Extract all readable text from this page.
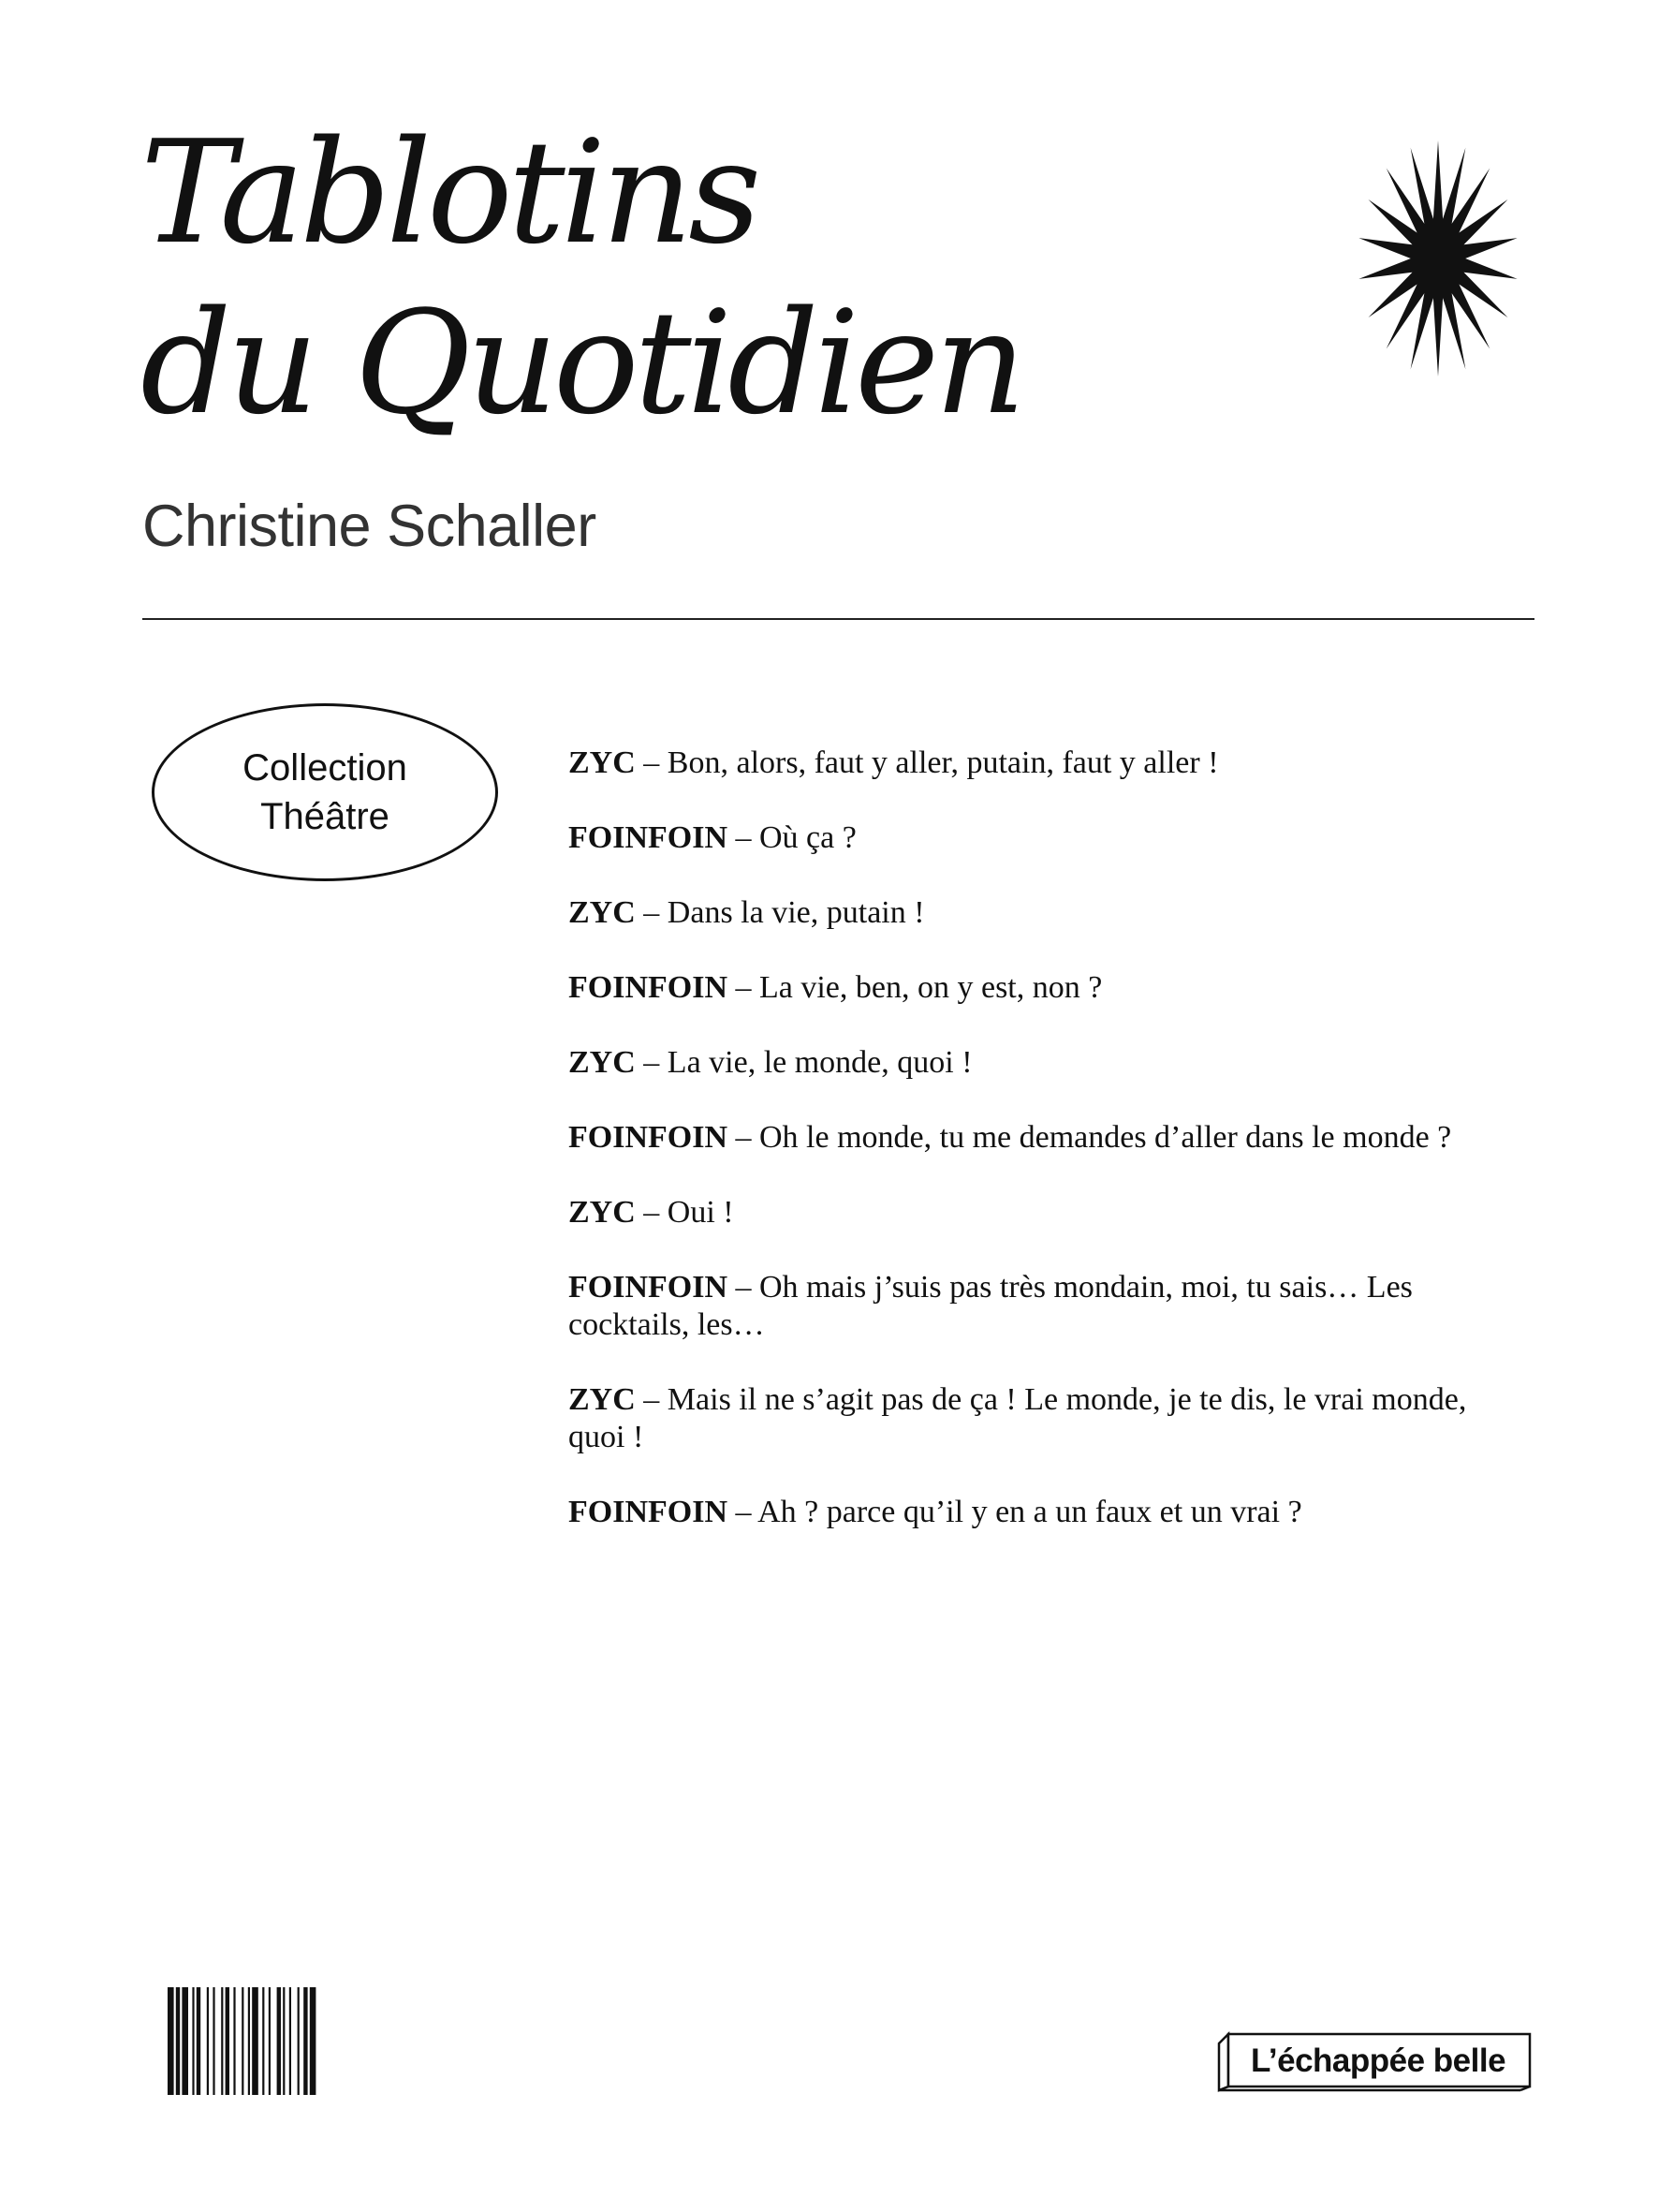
Tablotins
du Quotidien
Christine Schaller
Collection
Théâtre

ZYC – Bon, alors, faut y aller, putain, faut y aller !

FOINFOIN – Où ça ?

ZYC – Dans la vie, putain !

FOINFOIN – La vie, ben, on y est, non ?

ZYC – La vie, le monde, quoi !

FOINFOIN – Oh le monde, tu me demandes d’aller dans le monde ?

ZYC – Oui !

FOINFOIN – Oh mais j’suis pas très mondain, moi, tu sais… Les cocktails, les…

ZYC – Mais il ne s’agit pas de ça ! Le monde, je te dis, le vrai monde, quoi !

FOINFOIN – Ah ? parce qu’il y en a un faux et un vrai ?

L’échappée belle
